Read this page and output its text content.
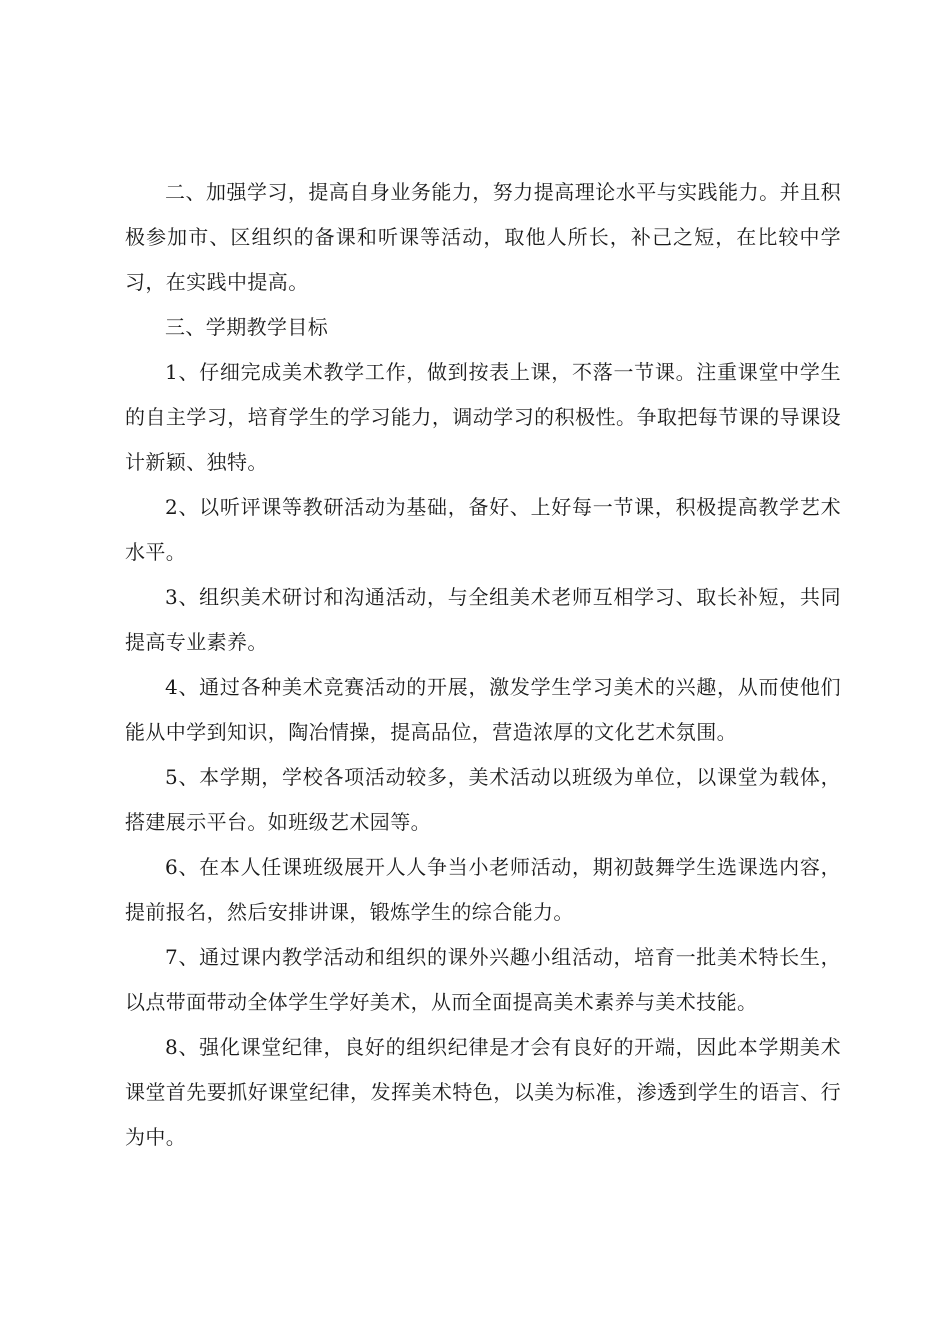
二、加强学习，提高自身业务能力，努力提高理论水平与实践能力。并且积极参加市、区组织的备课和听课等活动，取他人所长，补己之短，在比较中学习，在实践中提高。

三、学期教学目标

1、仔细完成美术教学工作，做到按表上课，不落一节课。注重课堂中学生的自主学习，培育学生的学习能力，调动学习的积极性。争取把每节课的导课设计新颖、独特。

2、以听评课等教研活动为基础，备好、上好每一节课，积极提高教学艺术水平。

3、组织美术研讨和沟通活动，与全组美术老师互相学习、取长补短，共同提高专业素养。

4、通过各种美术竞赛活动的开展，激发学生学习美术的兴趣，从而使他们能从中学到知识，陶冶情操，提高品位，营造浓厚的文化艺术氛围。

5、本学期，学校各项活动较多，美术活动以班级为单位，以课堂为载体，搭建展示平台。如班级艺术园等。

6、在本人任课班级展开人人争当小老师活动，期初鼓舞学生选课选内容，提前报名，然后安排讲课，锻炼学生的综合能力。

7、通过课内教学活动和组织的课外兴趣小组活动，培育一批美术特长生，以点带面带动全体学生学好美术，从而全面提高美术素养与美术技能。

8、强化课堂纪律，良好的组织纪律是才会有良好的开端，因此本学期美术课堂首先要抓好课堂纪律，发挥美术特色，以美为标准，渗透到学生的语言、行为中。
